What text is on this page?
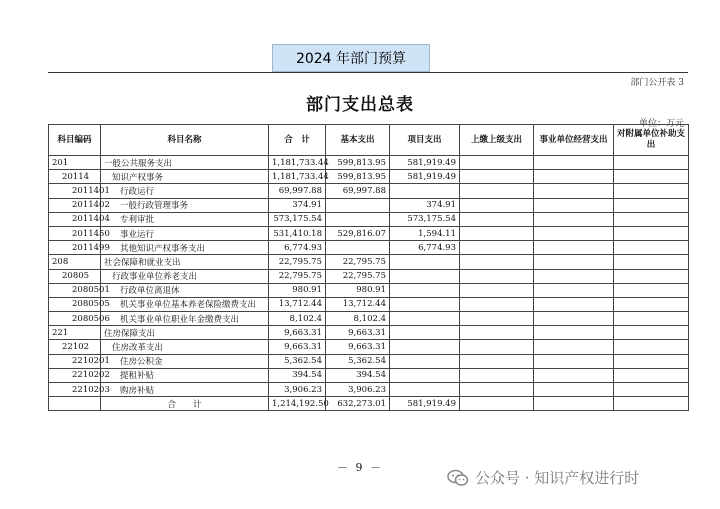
2024 年部门预算
部门公开表 3
部门支出总表
单位：万元
科目编码	科目名称	合　计	基本支出	项目支出	上缴上级支出	事业单位经营支出	对附属单位补助支出
201	一般公共服务支出	1,181,733.44	599,813.95	581,919.49			
20114	知识产权事务	1,181,733.44	599,813.95	581,919.49			
2011401	行政运行	69,997.88	69,997.88				
2011402	一般行政管理事务	374.91		374.91			
2011404	专利审批	573,175.54		573,175.54			
2011450	事业运行	531,410.18	529,816.07	1,594.11			
2011499	其他知识产权事务支出	6,774.93		6,774.93			
208	社会保障和就业支出	22,795.75	22,795.75				
20805	行政事业单位养老支出	22,795.75	22,795.75				
2080501	行政单位离退休	980.91	980.91				
2080505	机关事业单位基本养老保险缴费支出	13,712.44	13,712.44				
2080506	机关事业单位职业年金缴费支出	8,102.4	8,102.4				
221	住房保障支出	9,663.31	9,663.31				
22102	住房改革支出	9,663.31	9,663.31				
2210201	住房公积金	5,362.54	5,362.54				
2210202	提租补贴	394.54	394.54				
2210203	购房补贴	3,906.23	3,906.23				
	合　　计	1,214,192.50	632,273.01	581,919.49			
－ 9 －
公众号 · 知识产权进行时
